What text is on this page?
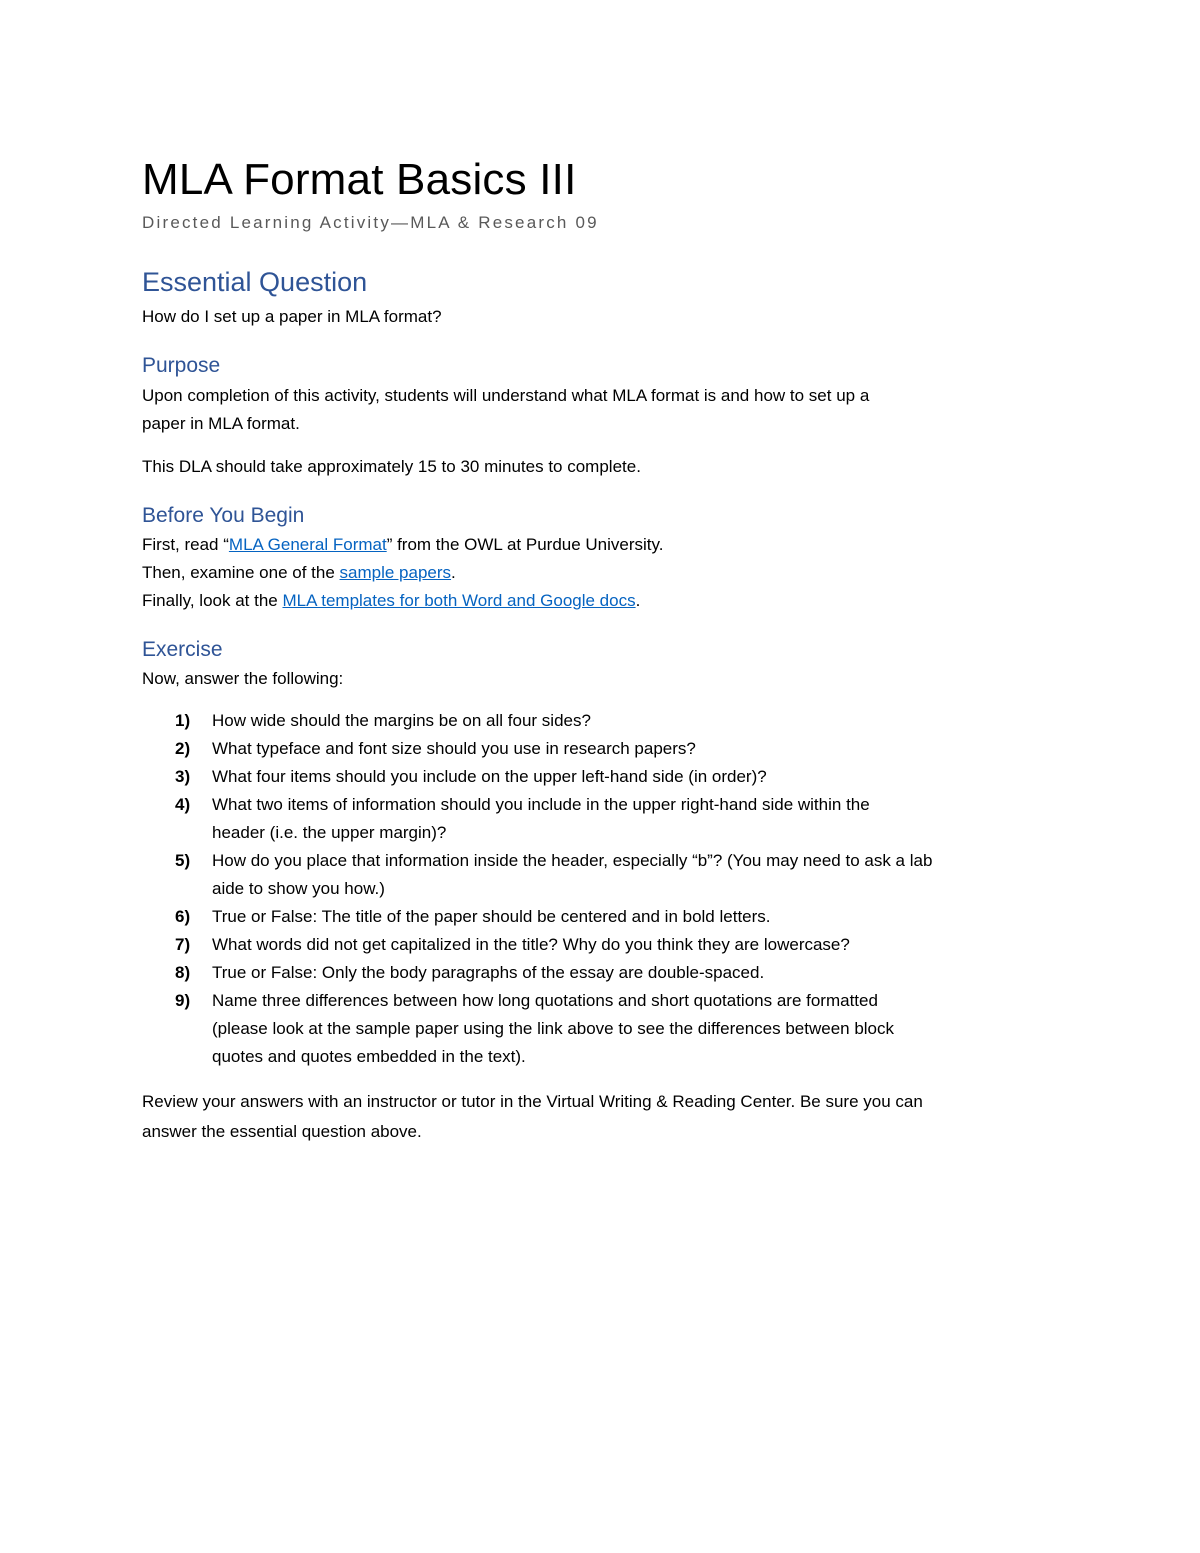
MLA Format Basics III
Directed Learning Activity—MLA & Research 09
Essential Question

How do I set up a paper in MLA format?

Purpose

Upon completion of this activity, students will understand what MLA format is and how to set up a
paper in MLA format.

This DLA should take approximately 15 to 30 minutes to complete.

Before You Begin

First, read “MLA General Format” from the OWL at Purdue University.
Then, examine one of the sample papers.
Finally, look at the MLA templates for both Word and Google docs.

Exercise

Now, answer the following:

1) How wide should the margins be on all four sides?
2) What typeface and font size should you use in research papers?
3) What four items should you include on the upper left-hand side (in order)?
4) What two items of information should you include in the upper right-hand side within the
header (i.e. the upper margin)?
5) How do you place that information inside the header, especially “b”? (You may need to ask a lab
aide to show you how.)
6) True or False: The title of the paper should be centered and in bold letters.
7) What words did not get capitalized in the title? Why do you think they are lowercase?
8) True or False: Only the body paragraphs of the essay are double-spaced.
9) Name three differences between how long quotations and short quotations are formatted
(please look at the sample paper using the link above to see the differences between block
quotes and quotes embedded in the text).

Review your answers with an instructor or tutor in the Virtual Writing & Reading Center. Be sure you can
answer the essential question above.
